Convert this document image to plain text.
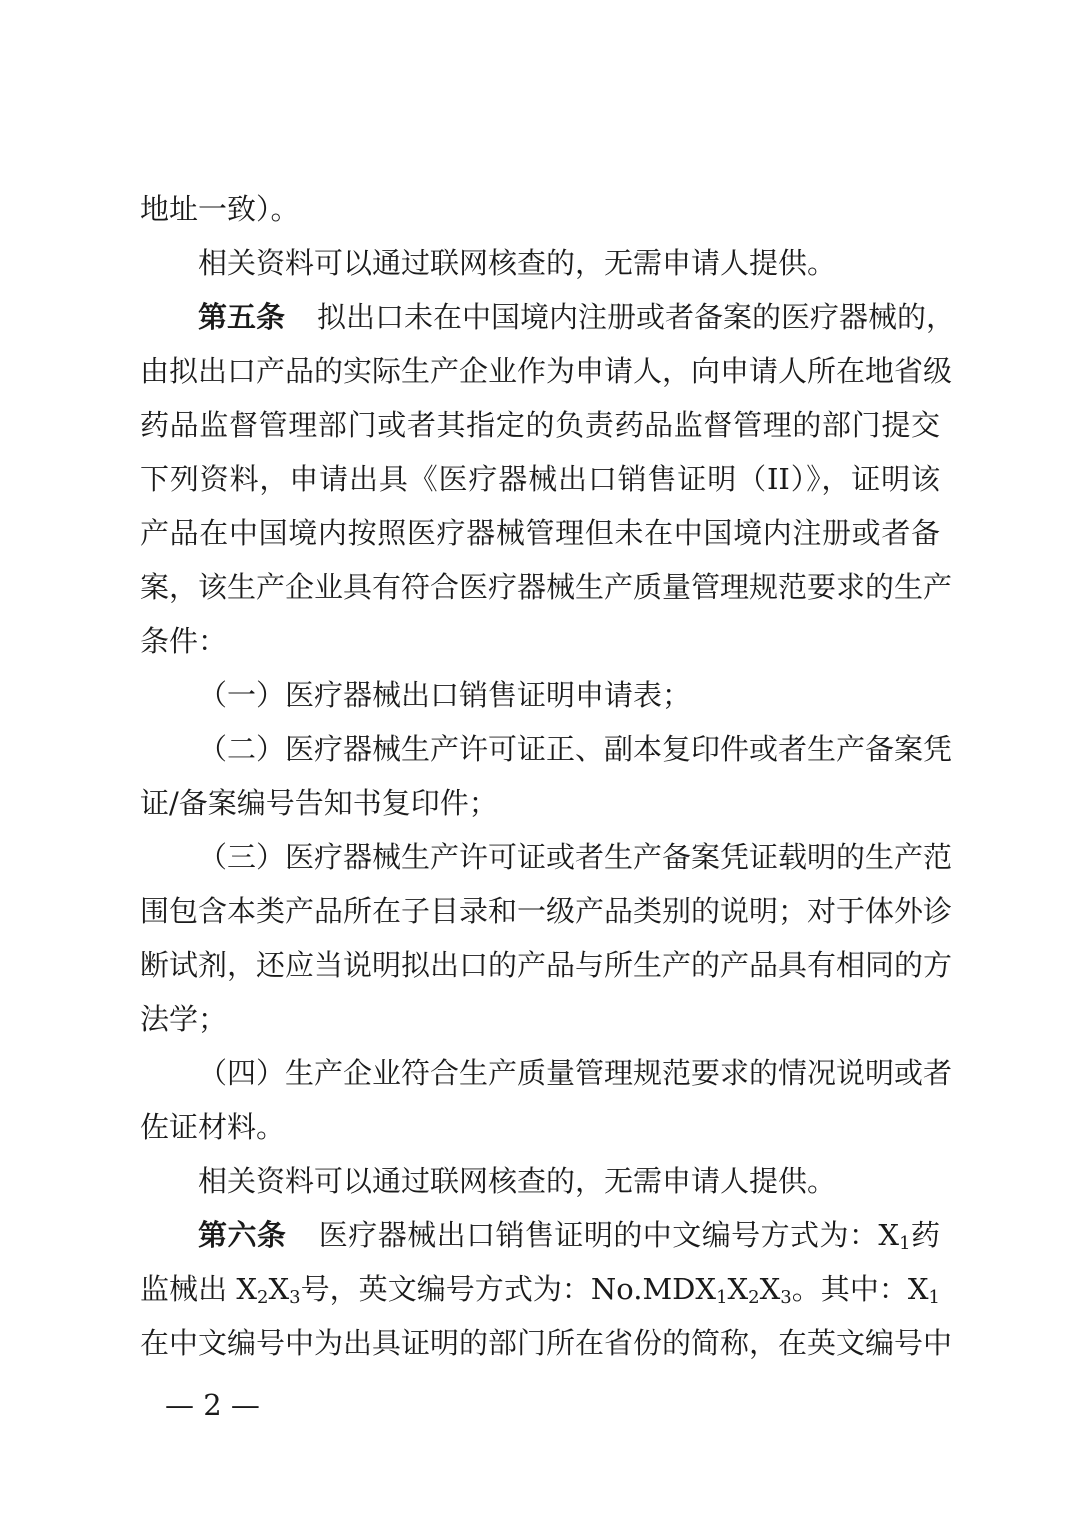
地址一致）。
相关资料可以通过联网核查的，无需申请人提供。
第五条 拟出口未在中国境内注册或者备案的医疗器械的，
由拟出口产品的实际生产企业作为申请人，向申请人所在地省级
药品监督管理部门或者其指定的负责药品监督管理的部门提交
下列资料，申请出具《医疗器械出口销售证明（II）》，证明该
产品在中国境内按照医疗器械管理但未在中国境内注册或者备
案，该生产企业具有符合医疗器械生产质量管理规范要求的生产
条件：
（一）医疗器械出口销售证明申请表；
（二）医疗器械生产许可证正、副本复印件或者生产备案凭
证/备案编号告知书复印件；
（三）医疗器械生产许可证或者生产备案凭证载明的生产范
围包含本类产品所在子目录和一级产品类别的说明；对于体外诊
断试剂，还应当说明拟出口的产品与所生产的产品具有相同的方
法学；
（四）生产企业符合生产质量管理规范要求的情况说明或者
佐证材料。
相关资料可以通过联网核查的，无需申请人提供。
第六条 医疗器械出口销售证明的中文编号方式为：$X_1$药
监械出 $X_2X_3$号，英文编号方式为：$No.MDX_1X_2X_3$。其中：$X_1$
在中文编号中为出具证明的部门所在省份的简称，在英文编号中
— 2 —
